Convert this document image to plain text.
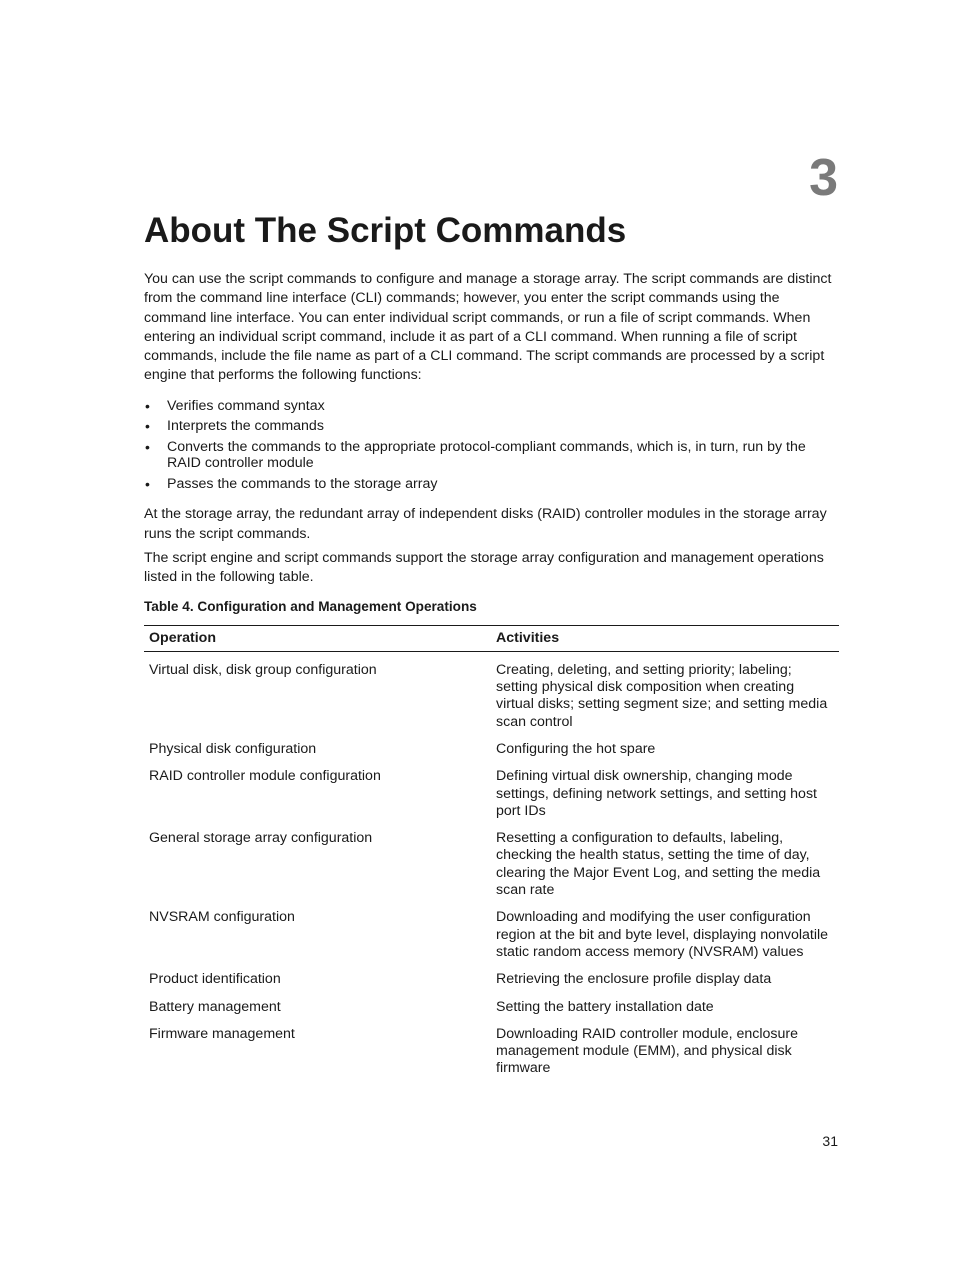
3
About The Script Commands

You can use the script commands to configure and manage a storage array. The script commands are distinct from the command line interface (CLI) commands; however, you enter the script commands using the command line interface. You can enter individual script commands, or run a file of script commands. When entering an individual script command, include it as part of a CLI command. When running a file of script commands, include the file name as part of a CLI command. The script commands are processed by a script engine that performs the following functions:

• Verifies command syntax
• Interprets the commands
• Converts the commands to the appropriate protocol-compliant commands, which is, in turn, run by the RAID controller module
• Passes the commands to the storage array

At the storage array, the redundant array of independent disks (RAID) controller modules in the storage array runs the script commands.

The script engine and script commands support the storage array configuration and management operations listed in the following table.

Table 4. Configuration and Management Operations
Operation	Activities
Virtual disk, disk group configuration	Creating, deleting, and setting priority; labeling; setting physical disk composition when creating virtual disks; setting segment size; and setting media scan control
Physical disk configuration	Configuring the hot spare
RAID controller module configuration	Defining virtual disk ownership, changing mode settings, defining network settings, and setting host port IDs
General storage array configuration	Resetting a configuration to defaults, labeling, checking the health status, setting the time of day, clearing the Major Event Log, and setting the media scan rate
NVSRAM configuration	Downloading and modifying the user configuration region at the bit and byte level, displaying nonvolatile static random access memory (NVSRAM) values
Product identification	Retrieving the enclosure profile display data
Battery management	Setting the battery installation date
Firmware management	Downloading RAID controller module, enclosure management module (EMM), and physical disk firmware
31
